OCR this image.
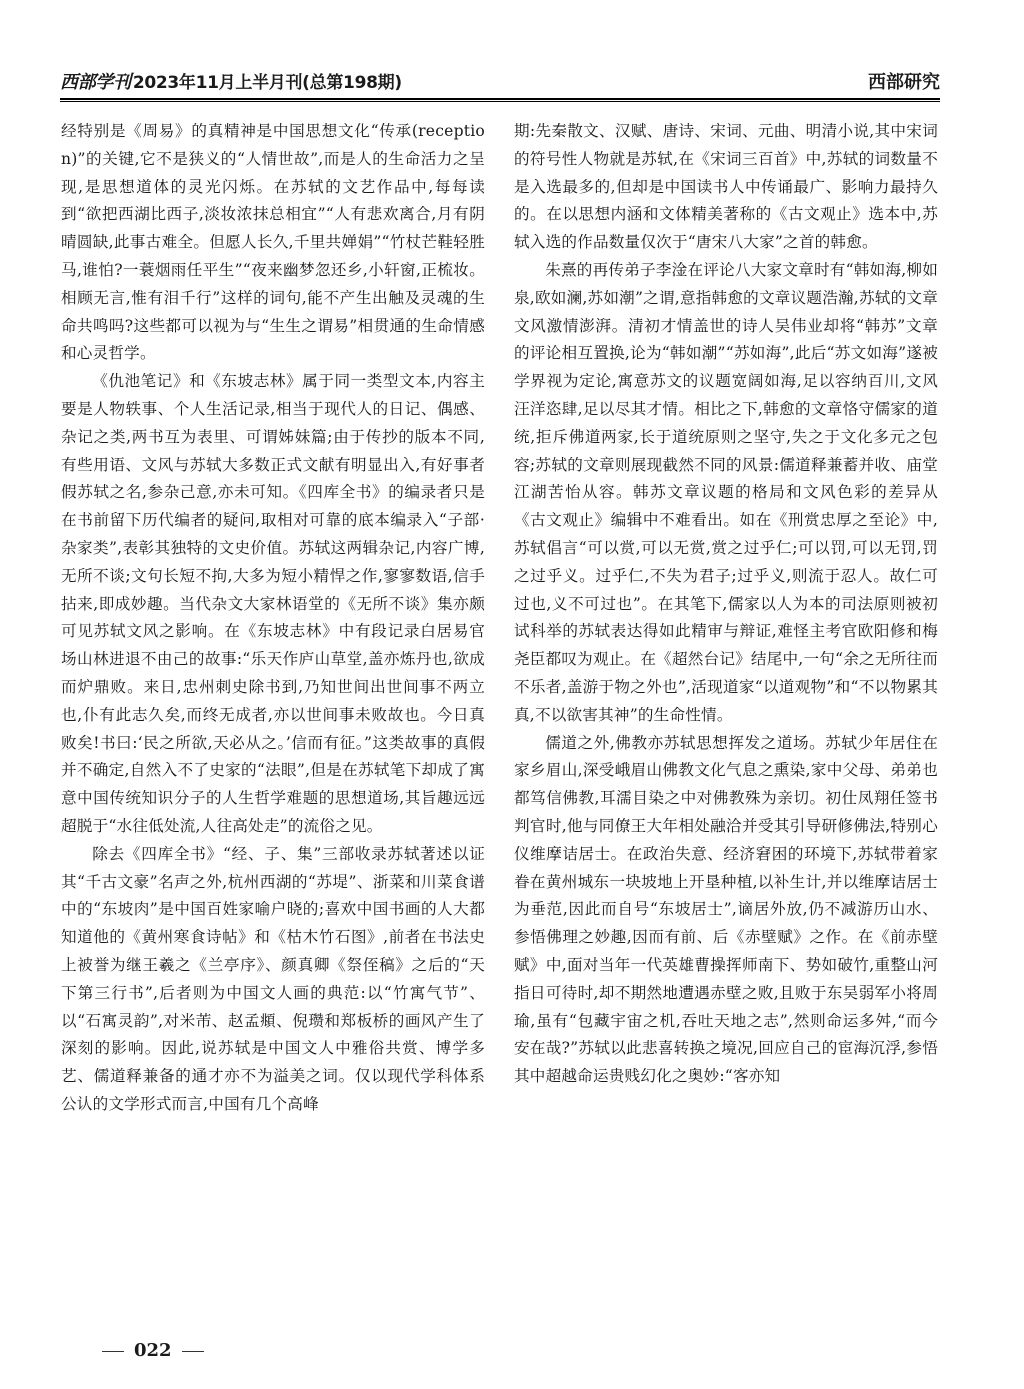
西部学刊 2023年11月上半月刊(总第198期)	西部研究

经特别是《周易》的真精神是中国思想文化“传承(reception)”的关键,它不是狭义的“人情世故”,而是人的生命活力之呈现,是思想道体的灵光闪烁。在苏轼的文艺作品中,每每读到“欲把西湖比西子,淡妆浓抹总相宜”“人有悲欢离合,月有阴晴圆缺,此事古难全。但愿人长久,千里共婵娟”“竹杖芒鞋轻胜马,谁怕?一蓑烟雨任平生”“夜来幽梦忽还乡,小轩窗,正梳妆。相顾无言,惟有泪千行”这样的词句,能不产生出触及灵魂的生命共鸣吗?这些都可以视为与“生生之谓易”相贯通的生命情感和心灵哲学。

《仇池笔记》和《东坡志林》属于同一类型文本,内容主要是人物轶事、个人生活记录,相当于现代人的日记、偶感、杂记之类,两书互为表里、可谓姊妹篇;由于传抄的版本不同,有些用语、文风与苏轼大多数正式文献有明显出入,有好事者假苏轼之名,参杂己意,亦未可知。《四库全书》的编录者只是在书前留下历代编者的疑问,取相对可靠的底本编录入“子部·杂家类”,表彰其独特的文史价值。苏轼这两辑杂记,内容广博,无所不谈;文句长短不拘,大多为短小精悍之作,寥寥数语,信手拈来,即成妙趣。当代杂文大家林语堂的《无所不谈》集亦颇可见苏轼文风之影响。在《东坡志林》中有段记录白居易官场山林进退不由己的故事:“乐天作庐山草堂,盖亦炼丹也,欲成而炉鼎败。来日,忠州刺史除书到,乃知世间出世间事不两立也,仆有此志久矣,而终无成者,亦以世间事未败故也。今日真败矣!书曰:‘民之所欲,天必从之。’信而有征。”这类故事的真假并不确定,自然入不了史家的“法眼”,但是在苏轼笔下却成了寓意中国传统知识分子的人生哲学难题的思想道场,其旨趣远远超脱于“水往低处流,人往高处走”的流俗之见。

除去《四库全书》“经、子、集”三部收录苏轼著述以证其“千古文豪”名声之外,杭州西湖的“苏堤”、浙菜和川菜食谱中的“东坡肉”是中国百姓家喻户晓的;喜欢中国书画的人大都知道他的《黄州寒食诗帖》和《枯木竹石图》,前者在书法史上被誉为继王羲之《兰亭序》、颜真卿《祭侄稿》之后的“天下第三行书”,后者则为中国文人画的典范:以“竹寓气节”、以“石寓灵韵”,对米芾、赵孟頫、倪瓒和郑板桥的画风产生了深刻的影响。因此,说苏轼是中国文人中雅俗共赏、博学多艺、儒道释兼备的通才亦不为溢美之词。仅以现代学科体系公认的文学形式而言,中国有几个高峰

期:先秦散文、汉赋、唐诗、宋词、元曲、明清小说,其中宋词的符号性人物就是苏轼,在《宋词三百首》中,苏轼的词数量不是入选最多的,但却是中国读书人中传诵最广、影响力最持久的。在以思想内涵和文体精美著称的《古文观止》选本中,苏轼入选的作品数量仅次于“唐宋八大家”之首的韩愈。

朱熹的再传弟子李淦在评论八大家文章时有“韩如海,柳如泉,欧如澜,苏如潮”之谓,意指韩愈的文章议题浩瀚,苏轼的文章文风激情澎湃。清初才情盖世的诗人吴伟业却将“韩苏”文章的评论相互置换,论为“韩如潮”“苏如海”,此后“苏文如海”遂被学界视为定论,寓意苏文的议题宽阔如海,足以容纳百川,文风汪洋恣肆,足以尽其才情。相比之下,韩愈的文章恪守儒家的道统,拒斥佛道两家,长于道统原则之坚守,失之于文化多元之包容;苏轼的文章则展现截然不同的风景:儒道释兼蓄并收、庙堂江湖苦怡从容。韩苏文章议题的格局和文风色彩的差异从《古文观止》编辑中不难看出。如在《刑赏忠厚之至论》中,苏轼倡言“可以赏,可以无赏,赏之过乎仁;可以罚,可以无罚,罚之过乎义。过乎仁,不失为君子;过乎义,则流于忍人。故仁可过也,义不可过也”。在其笔下,儒家以人为本的司法原则被初试科举的苏轼表达得如此精审与辩证,难怪主考官欧阳修和梅尧臣都叹为观止。在《超然台记》结尾中,一句“余之无所往而不乐者,盖游于物之外也”,活现道家“以道观物”和“不以物累其真,不以欲害其神”的生命性情。

儒道之外,佛教亦苏轼思想挥发之道场。苏轼少年居住在家乡眉山,深受峨眉山佛教文化气息之熏染,家中父母、弟弟也都笃信佛教,耳濡目染之中对佛教殊为亲切。初仕凤翔任签书判官时,他与同僚王大年相处融洽并受其引导研修佛法,特别心仪维摩诘居士。在政治失意、经济窘困的环境下,苏轼带着家眷在黄州城东一块坡地上开垦种植,以补生计,并以维摩诘居士为垂范,因此而自号“东坡居士”,谪居外放,仍不减游历山水、参悟佛理之妙趣,因而有前、后《赤壁赋》之作。在《前赤壁赋》中,面对当年一代英雄曹操挥师南下、势如破竹,重整山河指日可待时,却不期然地遭遇赤壁之败,且败于东吴弱军小将周瑜,虽有“包藏宇宙之机,吞吐天地之志”,然则命运多舛,“而今安在哉?”苏轼以此悲喜转换之境况,回应自己的宦海沉浮,参悟其中超越命运贵贱幻化之奥妙:“客亦知

022
